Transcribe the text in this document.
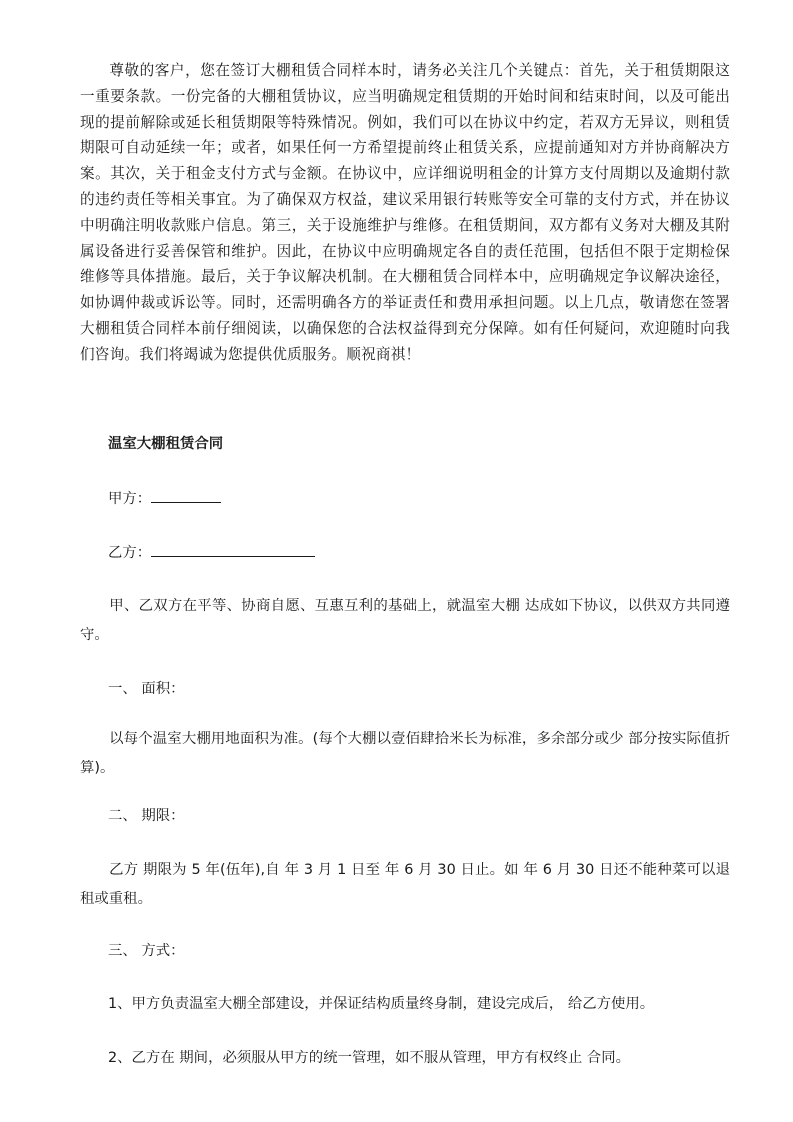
尊敬的客户，您在签订大棚租赁合同样本时，请务必关注几个关键点：首先，关于租赁期限这一重要条款。一份完备的大棚租赁协议，应当明确规定租赁期的开始时间和结束时间，以及可能出现的提前解除或延长租赁期限等特殊情况。例如，我们可以在协议中约定，若双方无异议，则租赁期限可自动延续一年；或者，如果任何一方希望提前终止租赁关系，应提前通知对方并协商解决方案。其次，关于租金支付方式与金额。在协议中，应详细说明租金的计算方支付周期以及逾期付款的违约责任等相关事宜。为了确保双方权益，建议采用银行转账等安全可靠的支付方式，并在协议中明确注明收款账户信息。第三，关于设施维护与维修。在租赁期间，双方都有义务对大棚及其附属设备进行妥善保管和维护。因此，在协议中应明确规定各自的责任范围，包括但不限于定期检保维修等具体措施。最后，关于争议解决机制。在大棚租赁合同样本中，应明确规定争议解决途径，如协调仲裁或诉讼等。同时，还需明确各方的举证责任和费用承担问题。以上几点，敬请您在签署大棚租赁合同样本前仔细阅读，以确保您的合法权益得到充分保障。如有任何疑问，欢迎随时向我们咨询。我们将竭诚为您提供优质服务。顺祝商祺！
温室大棚租赁合同
甲方：
乙方：
甲、乙双方在平等、协商自愿、互惠互利的基础上，就温室大棚 达成如下协议，以供双方共同遵守。
一、 面积：
以每个温室大棚用地面积为准。(每个大棚以壹佰肆拾米长为标准，多余部分或少 部分按实际值折算)。
二、 期限：
乙方 期限为 5 年(伍年),自 年 3 月 1 日至 年 6 月 30 日止。如 年 6 月 30 日还不能种菜可以退租或重租。
三、 方式：
1、甲方负责温室大棚全部建设，并保证结构质量终身制，建设完成后， 给乙方使用。
2、乙方在 期间，必须服从甲方的统一管理，如不服从管理，甲方有权终止 合同。
